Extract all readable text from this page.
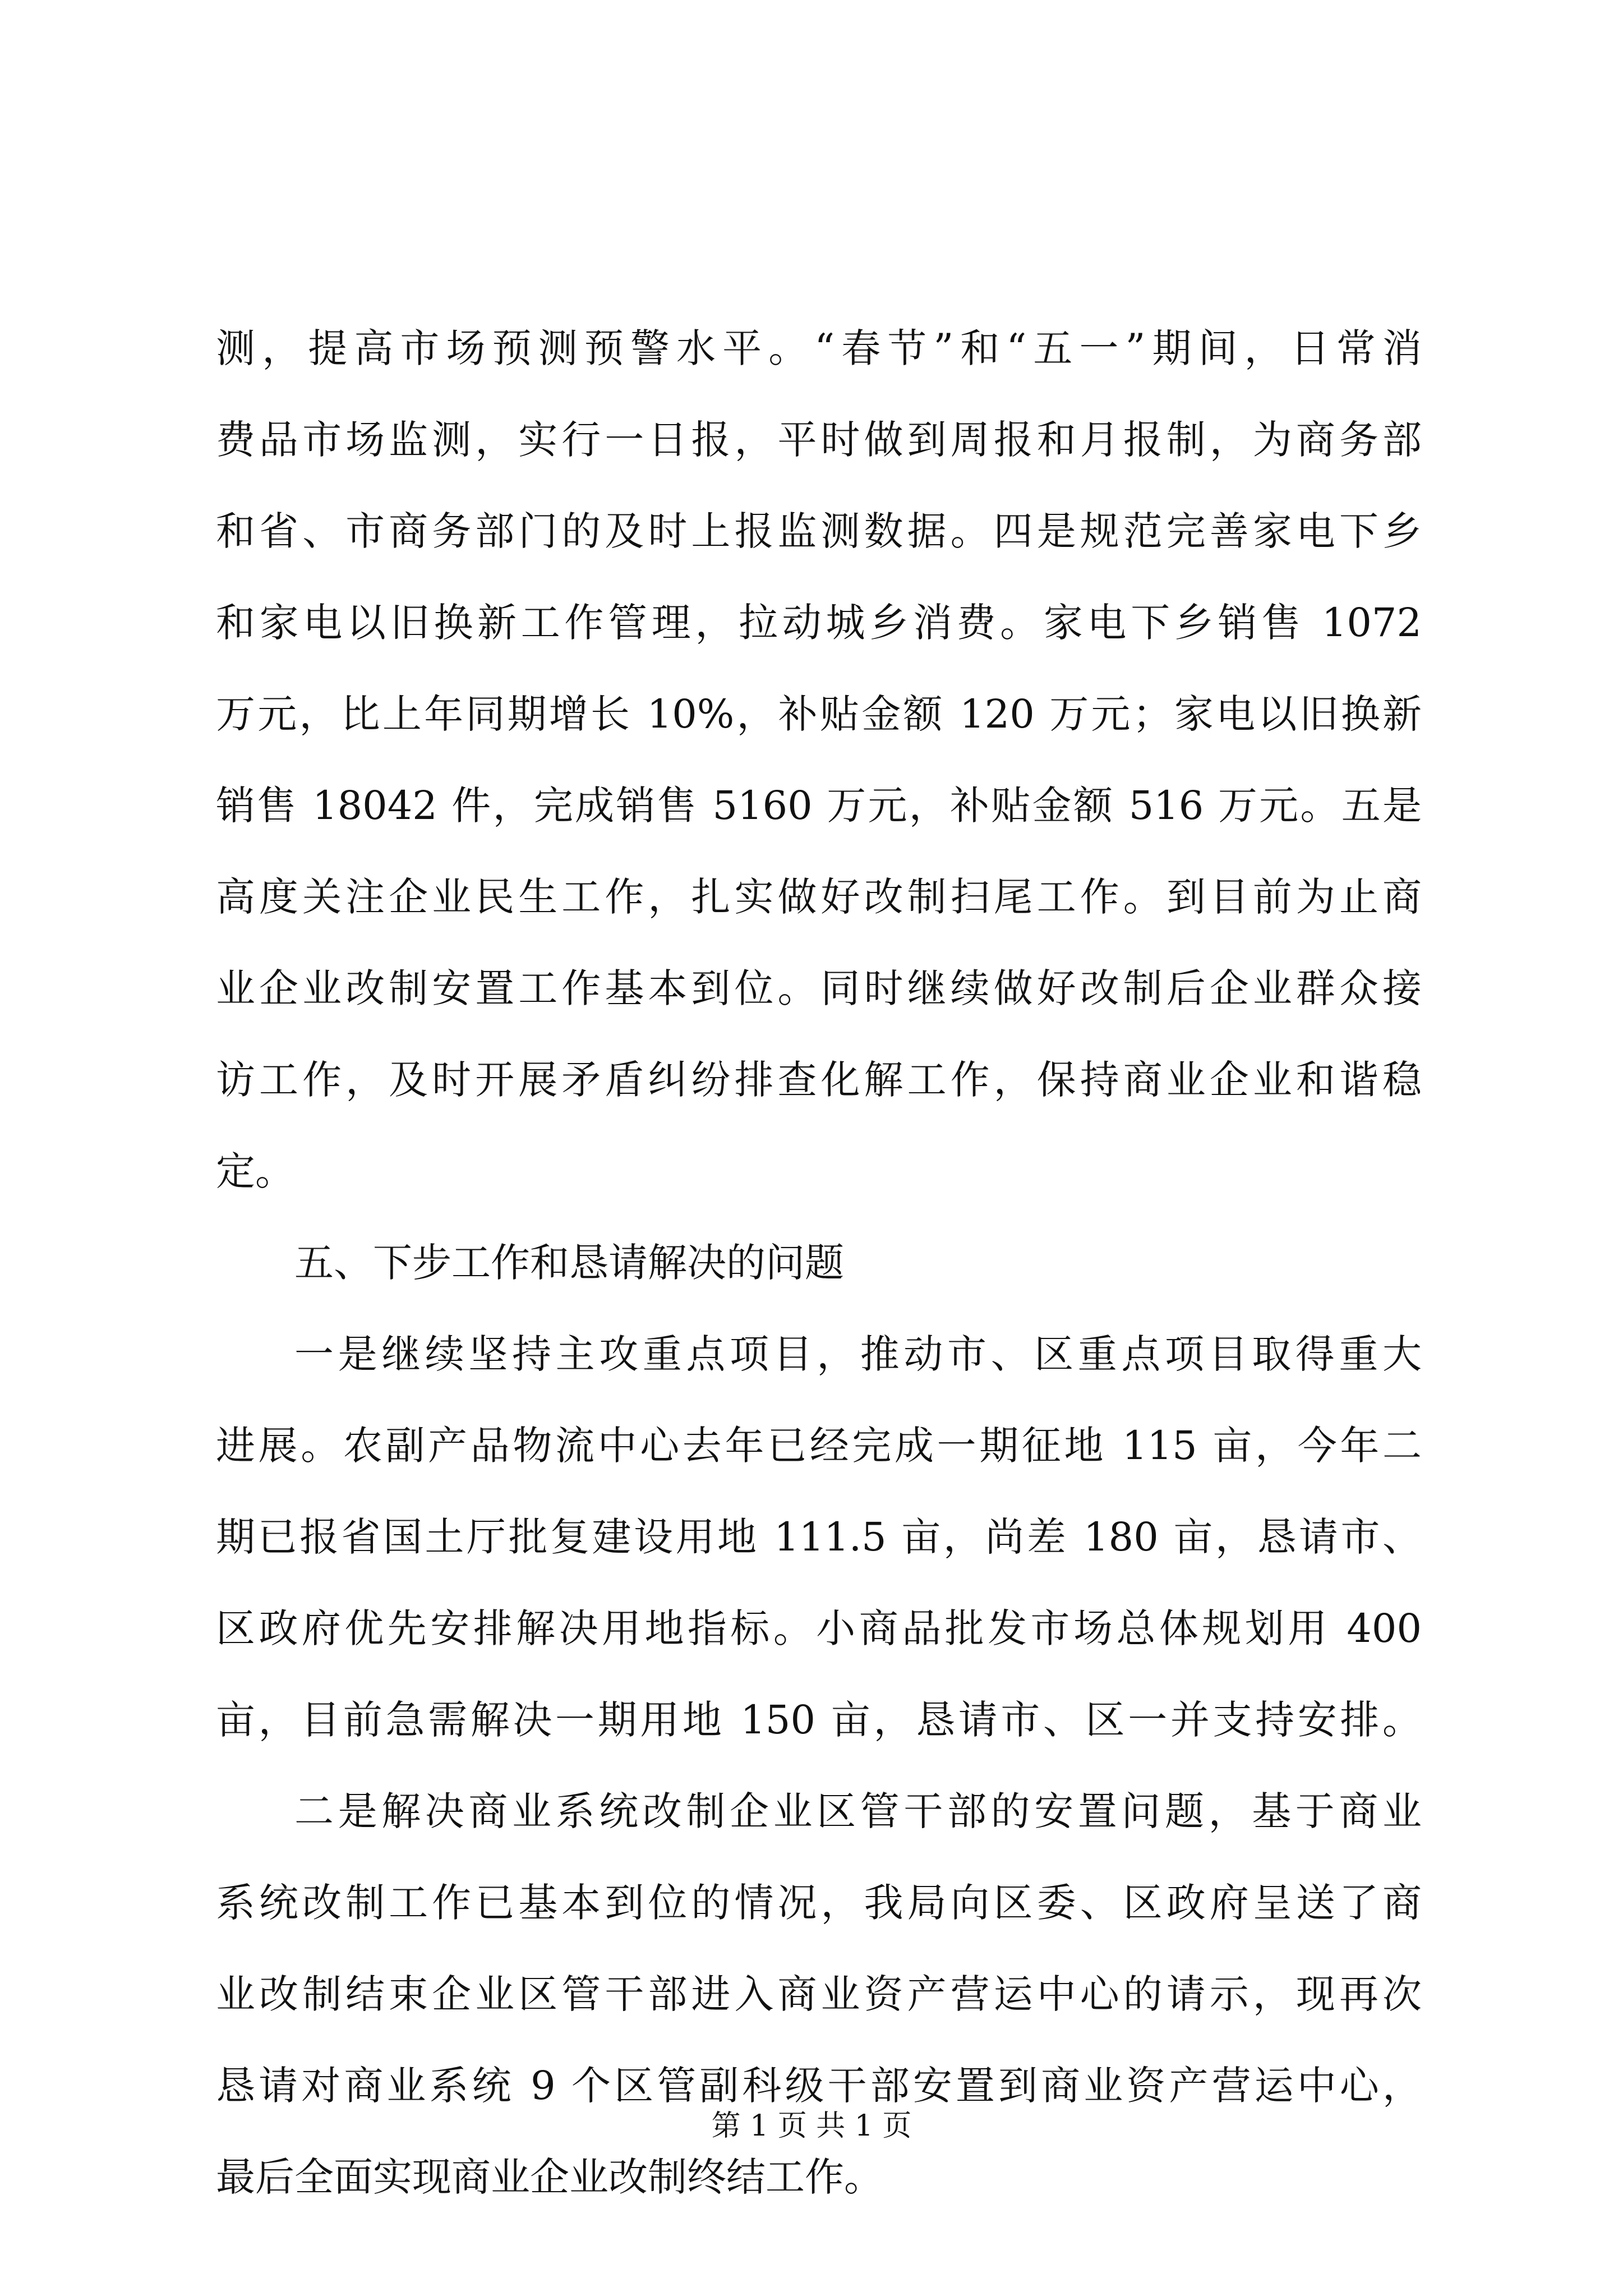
测，提高市场预测预警水平。“春节”和“五一”期间，日常消
费品市场监测，实行一日报，平时做到周报和月报制，为商务部
和省、市商务部门的及时上报监测数据。四是规范完善家电下乡
和家电以旧换新工作管理，拉动城乡消费。家电下乡销售 1072
万元，比上年同期增长 10%，补贴金额 120 万元；家电以旧换新
销售 18042 件，完成销售 5160 万元，补贴金额 516 万元。五是
高度关注企业民生工作，扎实做好改制扫尾工作。到目前为止商
业企业改制安置工作基本到位。同时继续做好改制后企业群众接
访工作，及时开展矛盾纠纷排查化解工作，保持商业企业和谐稳
定。
五、下步工作和恳请解决的问题
一是继续坚持主攻重点项目，推动市、区重点项目取得重大
进展。农副产品物流中心去年已经完成一期征地 115 亩，今年二
期已报省国土厅批复建设用地 111.5 亩，尚差 180 亩，恳请市、
区政府优先安排解决用地指标。小商品批发市场总体规划用 400
亩，目前急需解决一期用地 150 亩，恳请市、区一并支持安排。
二是解决商业系统改制企业区管干部的安置问题，基于商业
系统改制工作已基本到位的情况，我局向区委、区政府呈送了商
业改制结束企业区管干部进入商业资产营运中心的请示，现再次
恳请对商业系统 9 个区管副科级干部安置到商业资产营运中心，
最后全面实现商业企业改制终结工作。
第 1 页 共 1 页
